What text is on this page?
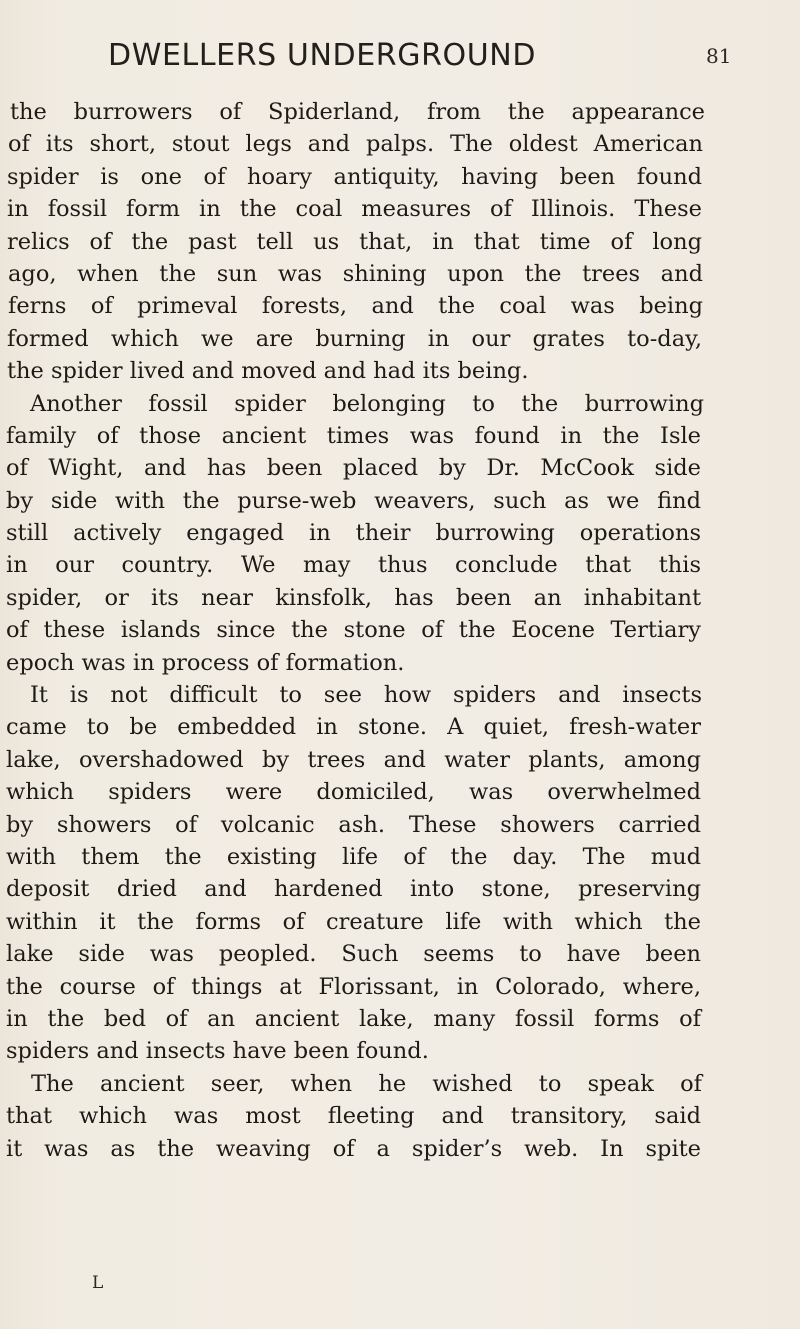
DWELLERS UNDERGROUND	81
the burrowers of Spiderland, from the appearance
of its short, stout legs and palps. The oldest American
spider is one of hoary antiquity, having been found
in fossil form in the coal measures of Illinois. These
relics of the past tell us that, in that time of long
ago, when the sun was shining upon the trees and
ferns of primeval forests, and the coal was being
formed which we are burning in our grates to-day,
the spider lived and moved and had its being.
Another fossil spider belonging to the burrowing
family of those ancient times was found in the Isle
of Wight, and has been placed by Dr. McCook side
by side with the purse-web weavers, such as we find
still actively engaged in their burrowing operations
in our country. We may thus conclude that this
spider, or its near kinsfolk, has been an inhabitant
of these islands since the stone of the Eocene Tertiary
epoch was in process of formation.
It is not difficult to see how spiders and insects
came to be embedded in stone. A quiet, fresh-water
lake, overshadowed by trees and water plants, among
which spiders were domiciled, was overwhelmed
by showers of volcanic ash. These showers carried
with them the existing life of the day. The mud
deposit dried and hardened into stone, preserving
within it the forms of creature life with which the
lake side was peopled. Such seems to have been
the course of things at Florissant, in Colorado, where,
in the bed of an ancient lake, many fossil forms of
spiders and insects have been found.
The ancient seer, when he wished to speak of
that which was most fleeting and transitory, said
it was as the weaving of a spider’s web. In spite
L
